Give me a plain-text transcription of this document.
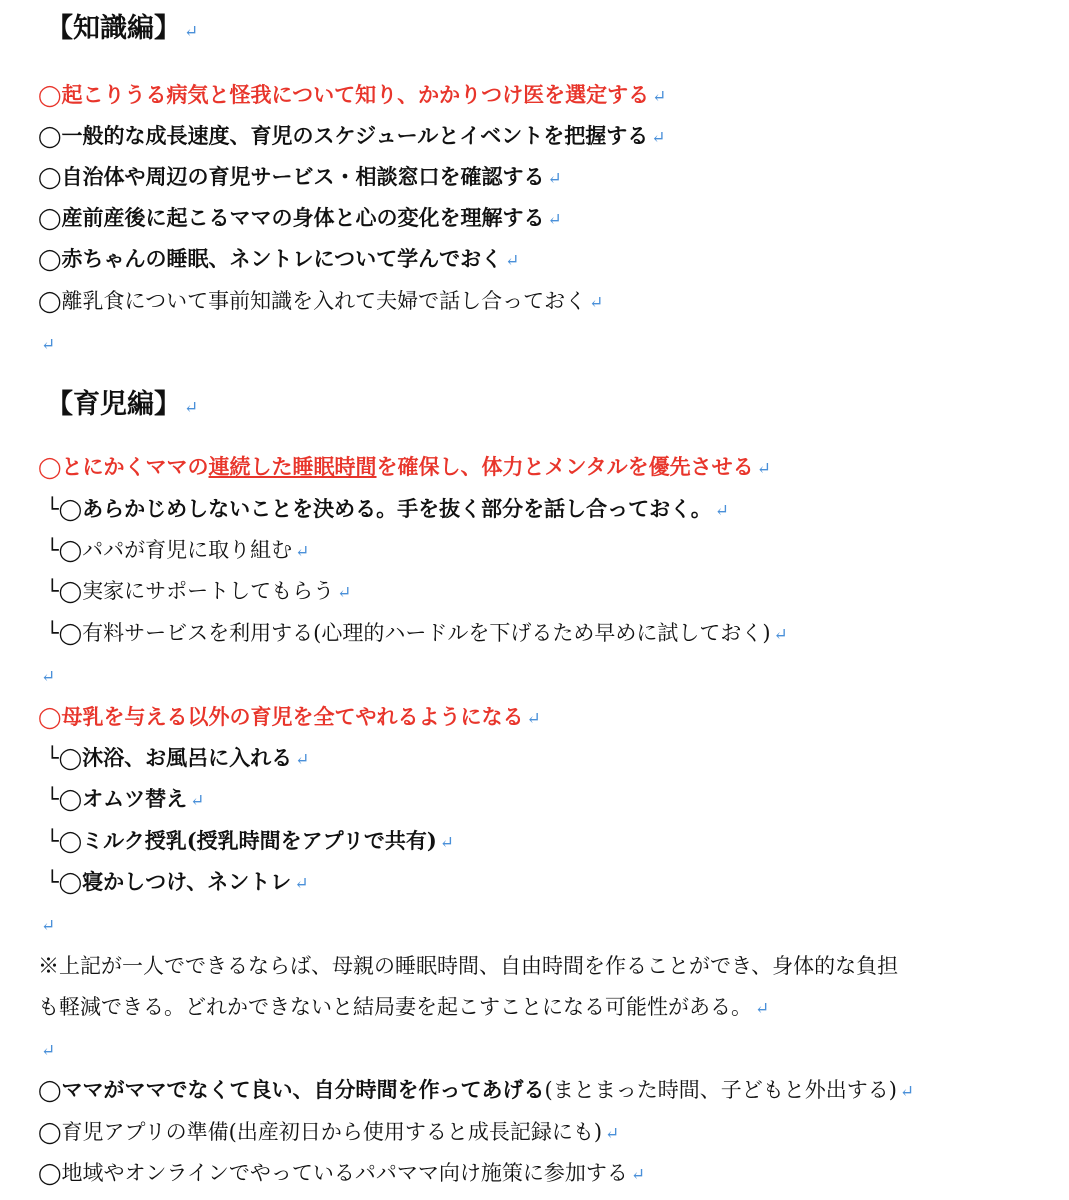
【知識編】 ↵
◯起こりうる病気と怪我について知り、かかりつけ医を選定する ↵
◯一般的な成長速度、育児のスケジュールとイベントを把握する ↵
◯自治体や周辺の育児サービス・相談窓口を確認する ↵
◯産前産後に起こるママの身体と心の変化を理解する ↵
◯赤ちゃんの睡眠、ネントレについて学んでおく ↵
◯離乳食について事前知識を入れて夫婦で話し合っておく ↵
↵
【育児編】 ↵
◯とにかくママの連続した睡眠時間を確保し、体力とメンタルを優先させる ↵
└◯あらかじめしないことを決める。手を抜く部分を話し合っておく。 ↵
└◯パパが育児に取り組む ↵
└◯実家にサポートしてもらう ↵
└◯有料サービスを利用する(心理的ハードルを下げるため早めに試しておく) ↵
↵
◯母乳を与える以外の育児を全てやれるようになる ↵
└◯沐浴、お風呂に入れる ↵
└◯オムツ替え ↵
└◯ミルク授乳(授乳時間をアプリで共有) ↵
└◯寝かしつけ、ネントレ ↵
↵
※上記が一人でできるならば、母親の睡眠時間、自由時間を作ることができ、身体的な負担
も軽減できる。どれかできないと結局妻を起こすことになる可能性がある。 ↵
↵
◯ママがママでなくて良い、自分時間を作ってあげる(まとまった時間、子どもと外出する) ↵
◯育児アプリの準備(出産初日から使用すると成長記録にも) ↵
◯地域やオンラインでやっているパパママ向け施策に参加する ↵
